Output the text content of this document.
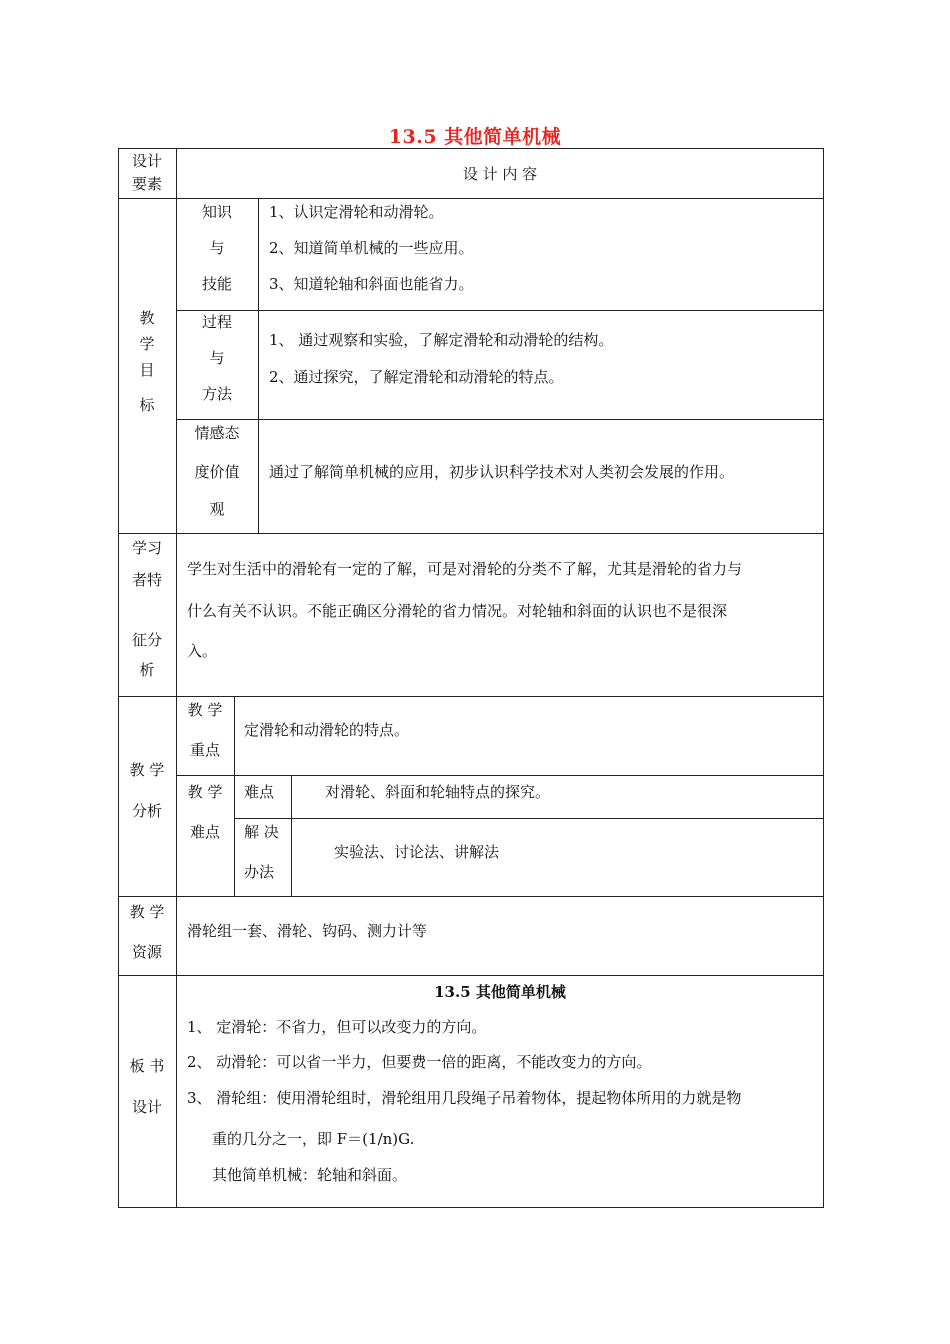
13.5 其他简单机械
设计
要素
设 计 内 容
教
学
目
标
知识
与
技能
1、认识定滑轮和动滑轮。
2、知道简单机械的一些应用。
3、知道轮轴和斜面也能省力。
过程
与
方法
1、 通过观察和实验，了解定滑轮和动滑轮的结构。
2、通过探究，了解定滑轮和动滑轮的特点。
情感态
度价值
观
通过了解简单机械的应用，初步认识科学技术对人类初会发展的作用。
学习
者特
征分
析
学生对生活中的滑轮有一定的了解，可是对滑轮的分类不了解，尤其是滑轮的省力与
什么有关不认识。不能正确区分滑轮的省力情况。对轮轴和斜面的认识也不是很深
入。
教 学
分析
教 学
重点
定滑轮和动滑轮的特点。
教 学
难点
难点	对滑轮、斜面和轮轴特点的探究。
解 决
办法
实验法、讨论法、讲解法
教 学
资源
滑轮组一套、滑轮、钩码、测力计等
板 书
设计
13.5 其他简单机械
1、 定滑轮：不省力，但可以改变力的方向。
2、 动滑轮：可以省一半力，但要费一倍的距离，不能改变力的方向。
3、 滑轮组：使用滑轮组时，滑轮组用几段绳子吊着物体，提起物体所用的力就是物
重的几分之一，即 F＝(1/n)G.
其他简单机械：轮轴和斜面。
